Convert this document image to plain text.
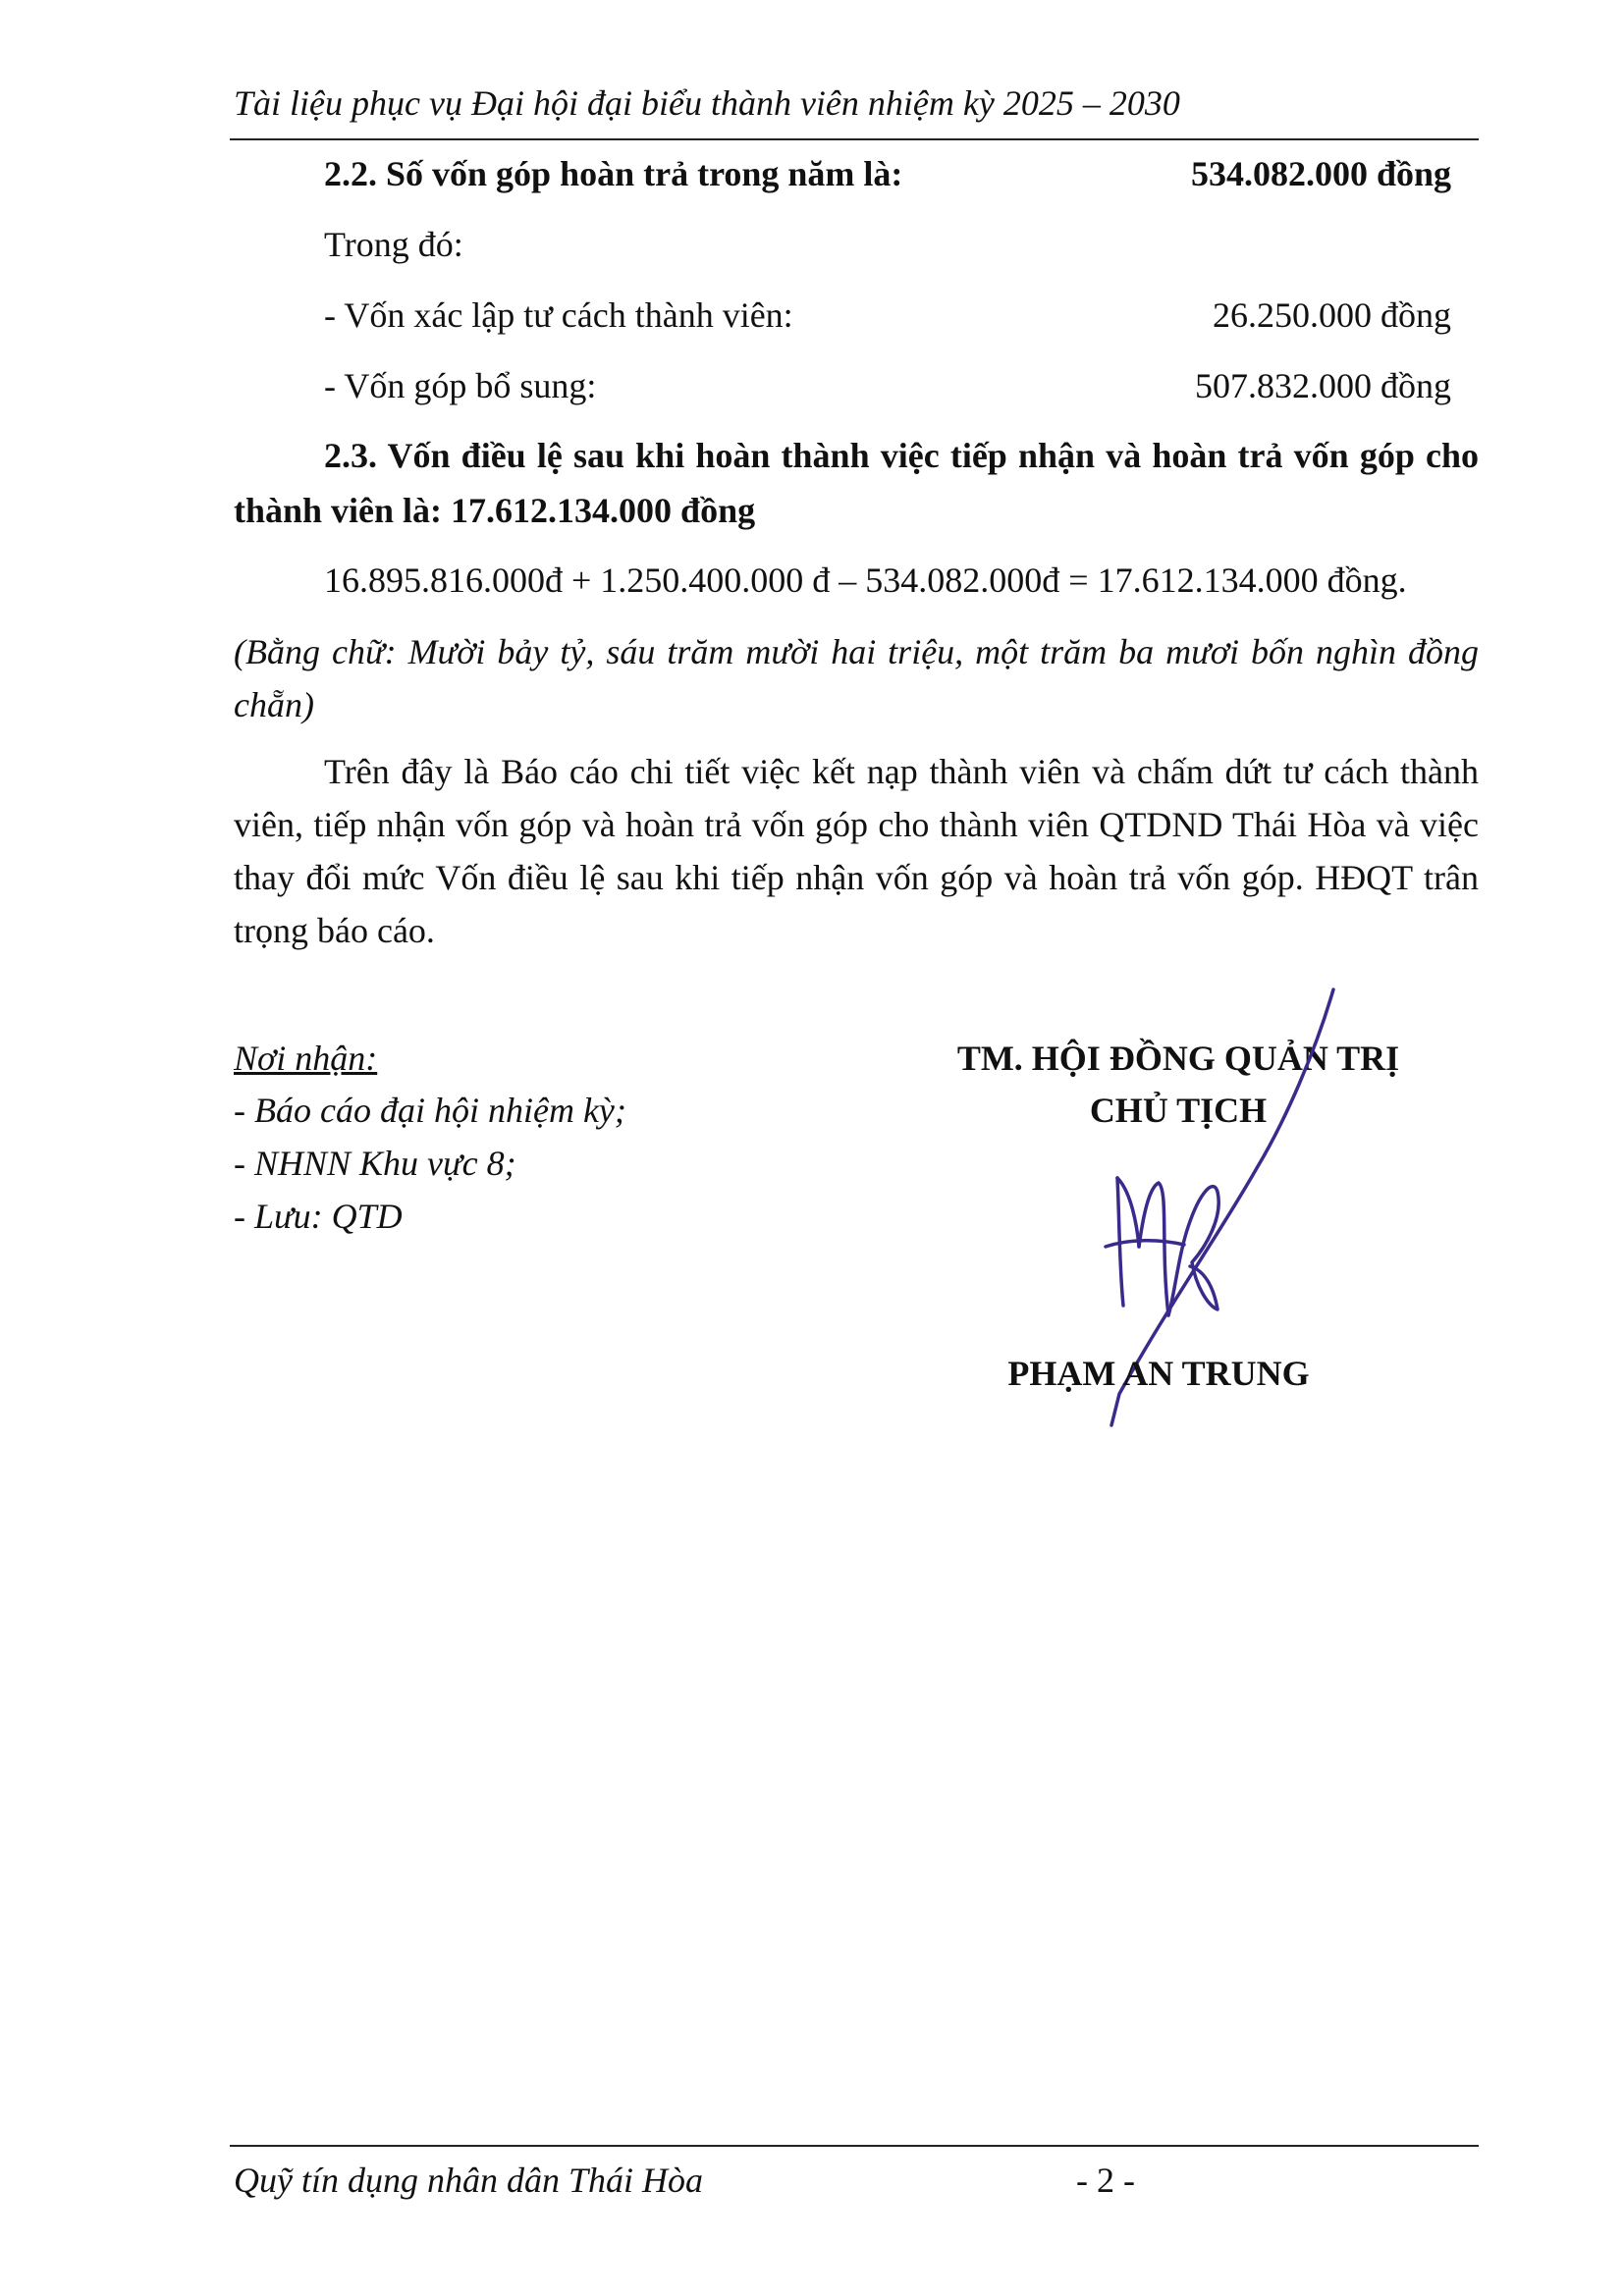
Tài liệu phục vụ Đại hội đại biểu thành viên nhiệm kỳ 2025 – 2030
2.2. Số vốn góp hoàn trả trong năm là:	534.082.000 đồng
Trong đó:
- Vốn xác lập tư cách thành viên:	26.250.000 đồng
- Vốn góp bổ sung:	507.832.000 đồng
2.3. Vốn điều lệ sau khi hoàn thành việc tiếp nhận và hoàn trả vốn góp cho thành viên là: 17.612.134.000 đồng
16.895.816.000đ + 1.250.400.000 đ – 534.082.000đ = 17.612.134.000 đồng.
(Bằng chữ: Mười bảy tỷ, sáu trăm mười hai triệu, một trăm ba mươi bốn nghìn đồng chẵn)
Trên đây là Báo cáo chi tiết việc kết nạp thành viên và chấm dứt tư cách thành viên, tiếp nhận vốn góp và hoàn trả vốn góp cho thành viên QTDND Thái Hòa và việc thay đổi mức Vốn điều lệ sau khi tiếp nhận vốn góp và hoàn trả vốn góp. HĐQT trân trọng báo cáo.
Nơi nhận:
- Báo cáo đại hội nhiệm kỳ;
- NHNN Khu vực 8;
- Lưu: QTD
TM. HỘI ĐỒNG QUẢN TRỊ
CHỦ TỊCH
PHẠM AN TRUNG
Quỹ tín dụng nhân dân Thái Hòa	- 2 -
